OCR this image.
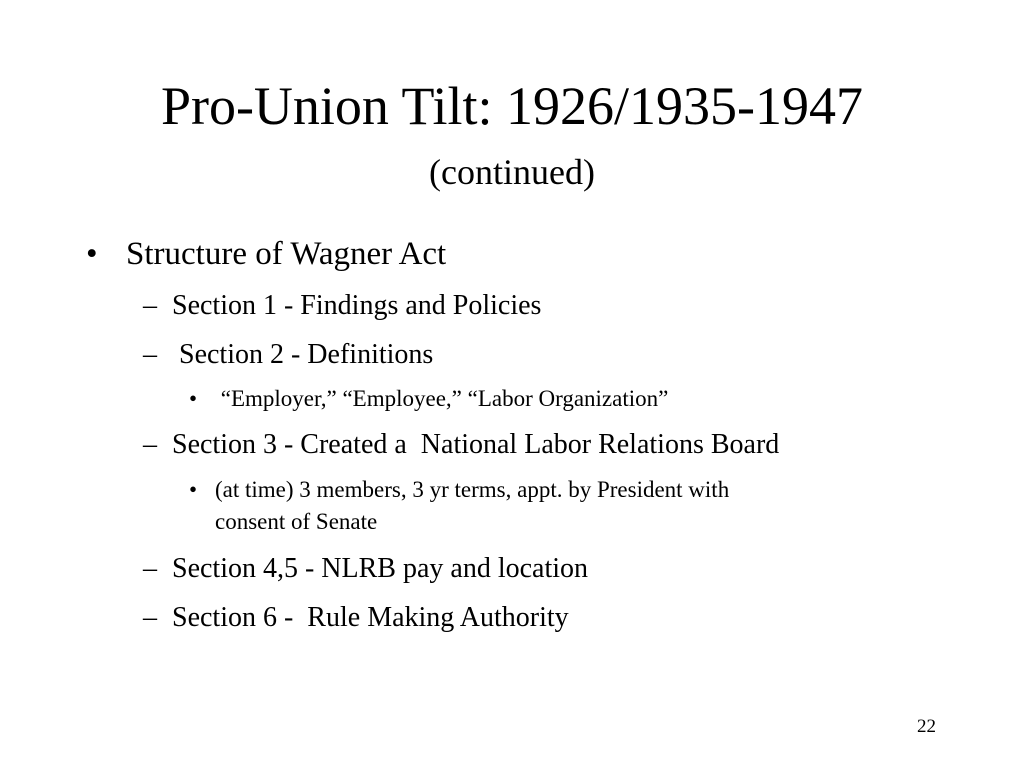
Pro-Union Tilt: 1926/1935-1947
(continued)
• Structure of Wagner Act
– Section 1 - Findings and Policies
– Section 2 - Definitions
• “Employer,” “Employee,” “Labor Organization”
– Section 3 - Created a  National Labor Relations Board
• (at time) 3 members, 3 yr terms, appt. by President with
consent of Senate
– Section 4,5 - NLRB pay and location
– Section 6 -  Rule Making Authority
22
